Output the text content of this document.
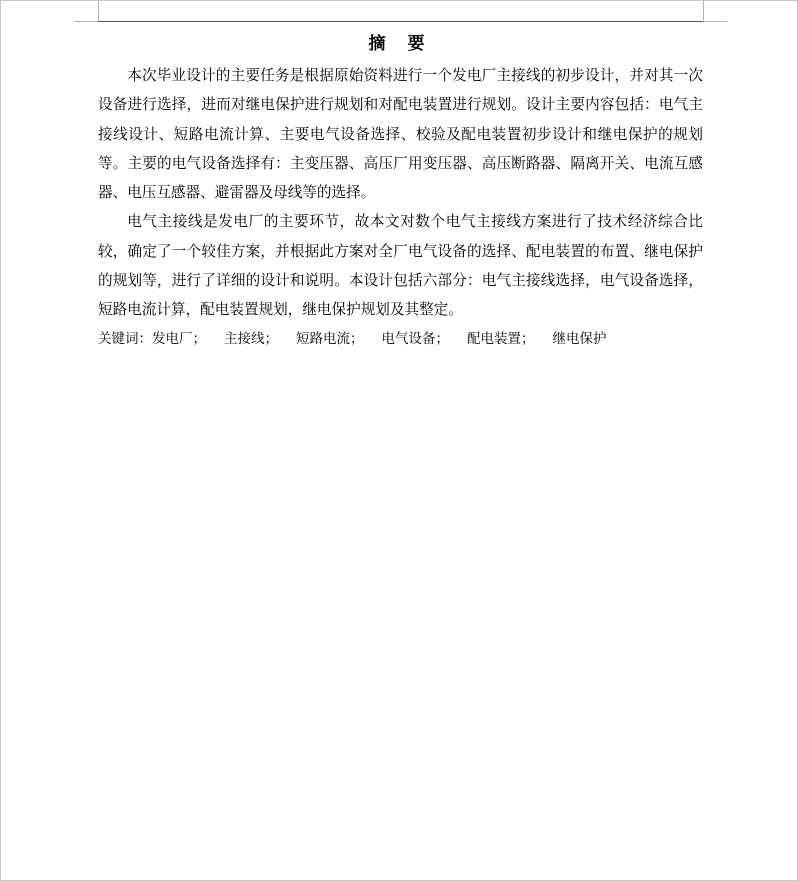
摘 要

本次毕业设计的主要任务是根据原始资料进行一个发电厂主接线的初步设计，并对其一次设备进行选择，进而对继电保护进行规划和对配电装置进行规划。设计主要内容包括：电气主接线设计、短路电流计算、主要电气设备选择、校验及配电装置初步设计和继电保护的规划等。主要的电气设备选择有：主变压器、高压厂用变压器、高压断路器、隔离开关、电流互感器、电压互感器、避雷器及母线等的选择。

电气主接线是发电厂的主要环节，故本文对数个电气主接线方案进行了技术经济综合比较，确定了一个较佳方案，并根据此方案对全厂电气设备的选择、配电装置的布置、继电保护的规划等，进行了详细的设计和说明。本设计包括六部分：电气主接线选择，电气设备选择，短路电流计算，配电装置规划，继电保护规划及其整定。

关键词：发电厂； 主接线； 短路电流； 电气设备； 配电装置； 继电保护
